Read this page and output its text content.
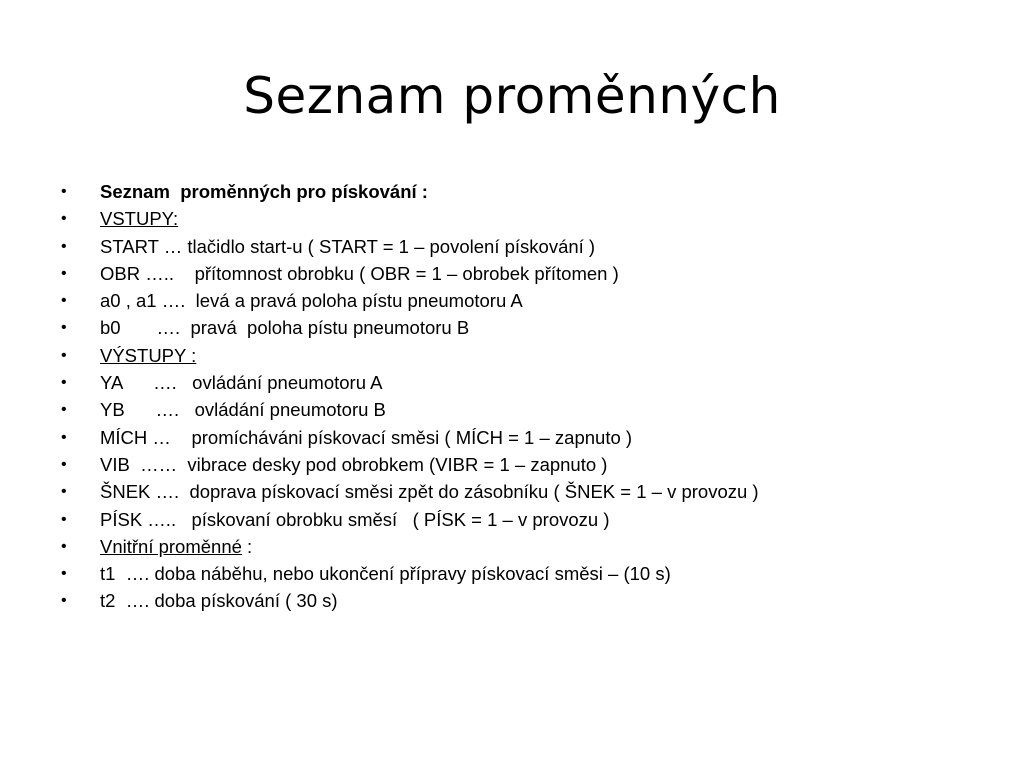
Seznam proměnných
• Seznam  proměnných pro pískování :
• VSTUPY:
• START … tlačidlo start-u ( START = 1 – povolení pískování )
• OBR …..    přítomnost obrobku ( OBR = 1 – obrobek přítomen )
• a0 , a1 ….  levá a pravá poloha pístu pneumotoru A
• b0       ….  pravá  poloha pístu pneumotoru B
• VÝSTUPY :
• YA      ….   ovládání pneumotoru A
• YB      ….   ovládání pneumotoru B
• MÍCH …    promícháváni pískovací směsi ( MÍCH = 1 – zapnuto )
• VIB  ……  vibrace desky pod obrobkem (VIBR = 1 – zapnuto )
• ŠNEK ….  doprava pískovací směsi zpět do zásobníku ( ŠNEK = 1 – v provozu )
• PÍSK …..   pískovaní obrobku směsí   ( PÍSK = 1 – v provozu )
• Vnitřní proměnné :
• t1  …. doba náběhu, nebo ukončení přípravy pískovací směsi – (10 s)
• t2  …. doba pískování ( 30 s)
